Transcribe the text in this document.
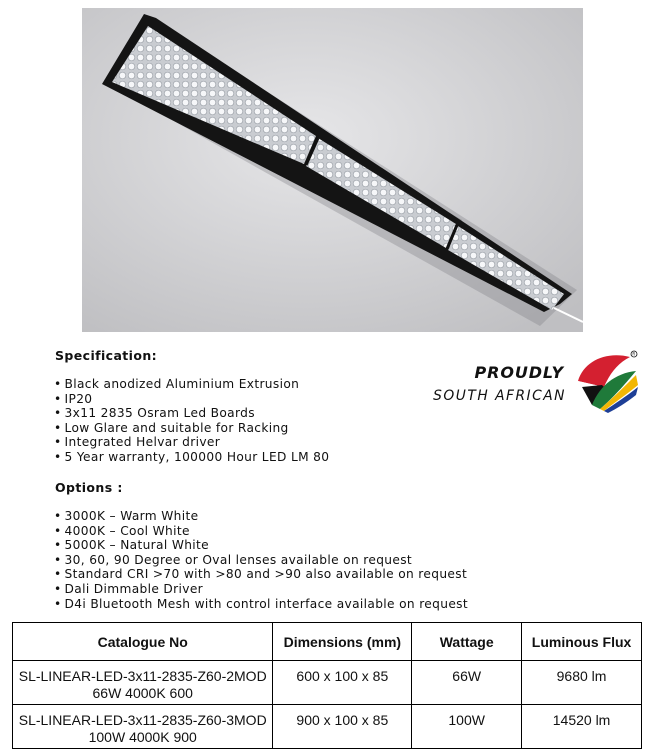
Specification:
• Black anodized Aluminium Extrusion
• IP20
• 3x11 2835 Osram Led Boards
• Low Glare and suitable for Racking
• Integrated Helvar driver
• 5 Year warranty, 100000 Hour LED LM 80
PROUDLY
SOUTH AFRICAN
R
Options :
• 3000K – Warm White
• 4000K – Cool White
• 5000K – Natural White
• 30, 60, 90 Degree or Oval lenses available on request
• Standard CRI >70 with >80 and >90 also available on request
• Dali Dimmable Driver
• D4i Bluetooth Mesh with control interface available on request
Catalogue No	Dimensions (mm)	Wattage	Luminous Flux
SL-LINEAR-LED-3x11-2835-Z60-2MOD 66W 4000K 600	600 x 100 x 85	66W	9680 lm
SL-LINEAR-LED-3x11-2835-Z60-3MOD 100W 4000K 900	900 x 100 x 85	100W	14520 lm
